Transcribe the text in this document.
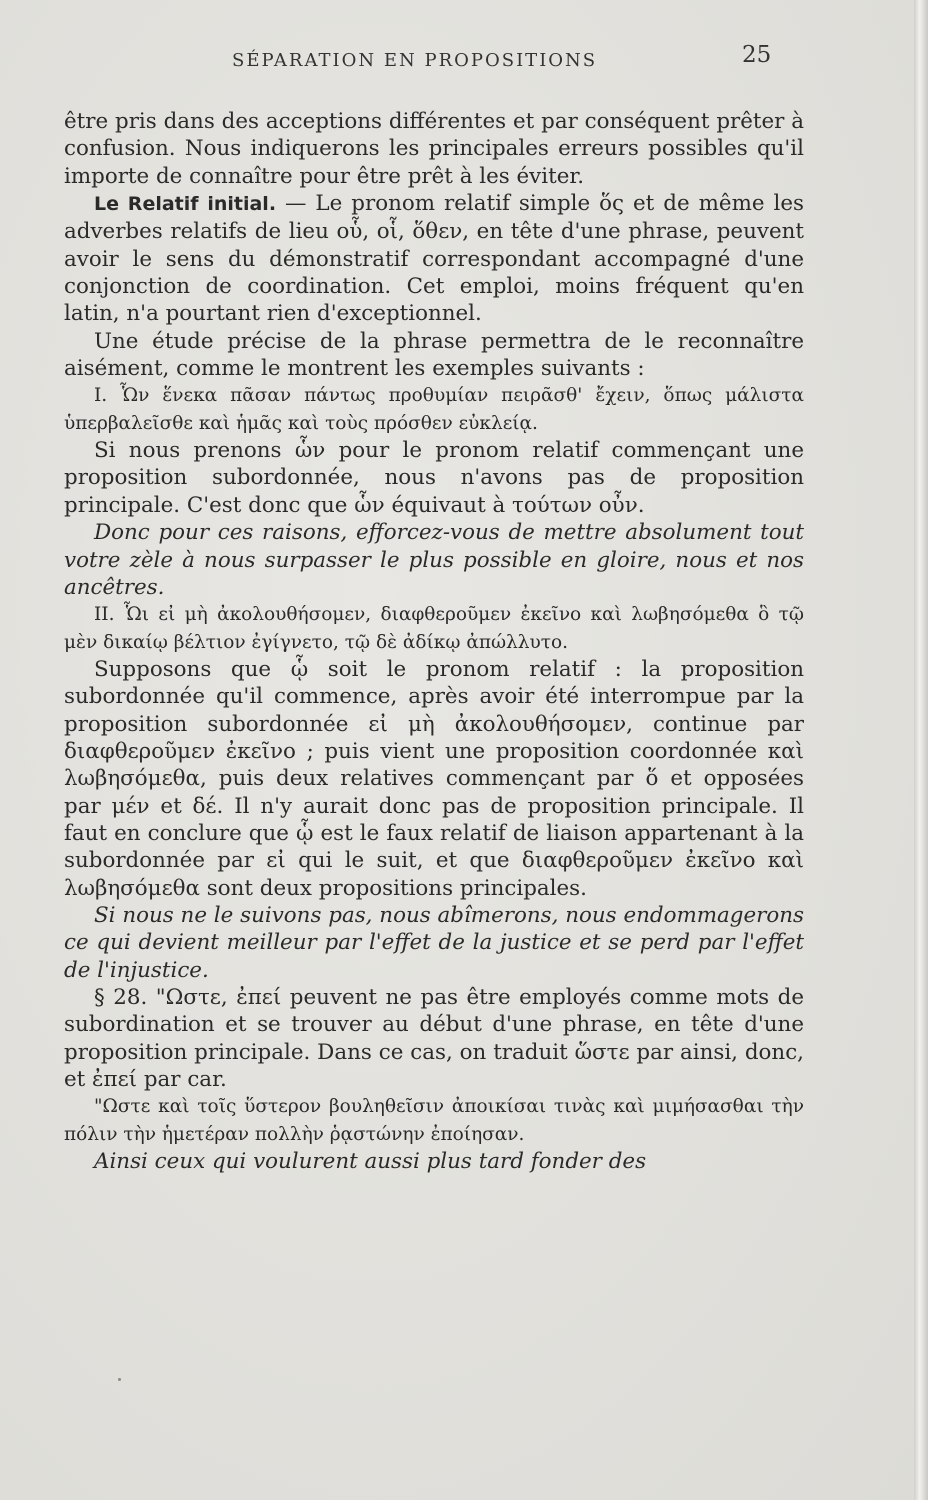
SÉPARATION EN PROPOSITIONS	25

être pris dans des acceptions différentes et par conséquent prêter à confusion. Nous indiquerons les principales erreurs possibles qu'il importe de connaître pour être prêt à les éviter.

Le Relatif initial. — Le pronom relatif simple ὅς et de même les adverbes relatifs de lieu οὗ, οἷ, ὅθεν, en tête d'une phrase, peuvent avoir le sens du démonstratif correspondant accompagné d'une conjonction de coordination. Cet emploi, moins fréquent qu'en latin, n'a pourtant rien d'exceptionnel.

Une étude précise de la phrase permettra de le reconnaître aisément, comme le montrent les exemples suivants :

I. Ὧν ἕνεκα πᾶσαν πάντως προθυμίαν πειρᾶσθ' ἔχειν, ὅπως μάλιστα ὑπερβαλεῖσθε καὶ ἡμᾶς καὶ τοὺς πρόσθεν εὐκλείᾳ.

Si nous prenons ὧν pour le pronom relatif commençant une proposition subordonnée, nous n'avons pas de proposition principale. C'est donc que ὧν équivaut à τούτων οὖν.

Donc pour ces raisons, efforcez-vous de mettre absolument tout votre zèle à nous surpasser le plus possible en gloire, nous et nos ancêtres.

II. Ὧι εἰ μὴ ἀκολουθήσομεν, διαφθεροῦμεν ἐκεῖνο καὶ λωβησόμεθα ὃ τῷ μὲν δικαίῳ βέλτιον ἐγίγνετο, τῷ δὲ ἀδίκῳ ἀπώλλυτο.

Supposons que ᾧ soit le pronom relatif : la proposition subordonnée qu'il commence, après avoir été interrompue par la proposition subordonnée εἰ μὴ ἀκολουθήσομεν, continue par διαφθεροῦμεν ἐκεῖνο ; puis vient une proposition coordonnée καὶ λωβησόμεθα, puis deux relatives commençant par ὅ et opposées par μέν et δέ. Il n'y aurait donc pas de proposition principale. Il faut en conclure que ᾧ est le faux relatif de liaison appartenant à la subordonnée par εἰ qui le suit, et que διαφθεροῦμεν ἐκεῖνο καὶ λωβησόμεθα sont deux propositions principales.

Si nous ne le suivons pas, nous abîmerons, nous endommagerons ce qui devient meilleur par l'effet de la justice et se perd par l'effet de l'injustice.

§ 28. "Ωστε, ἐπεί peuvent ne pas être employés comme mots de subordination et se trouver au début d'une phrase, en tête d'une proposition principale. Dans ce cas, on traduit ὥστε par ainsi, donc, et ἐπεί par car.

"Ωστε καὶ τοῖς ὕστερον βουληθεῖσιν ἀποικίσαι τινὰς καὶ μιμήσασθαι τὴν πόλιν τὴν ἡμετέραν πολλὴν ῥᾳστώνην ἐποίησαν.

Ainsi ceux qui voulurent aussi plus tard fonder des
